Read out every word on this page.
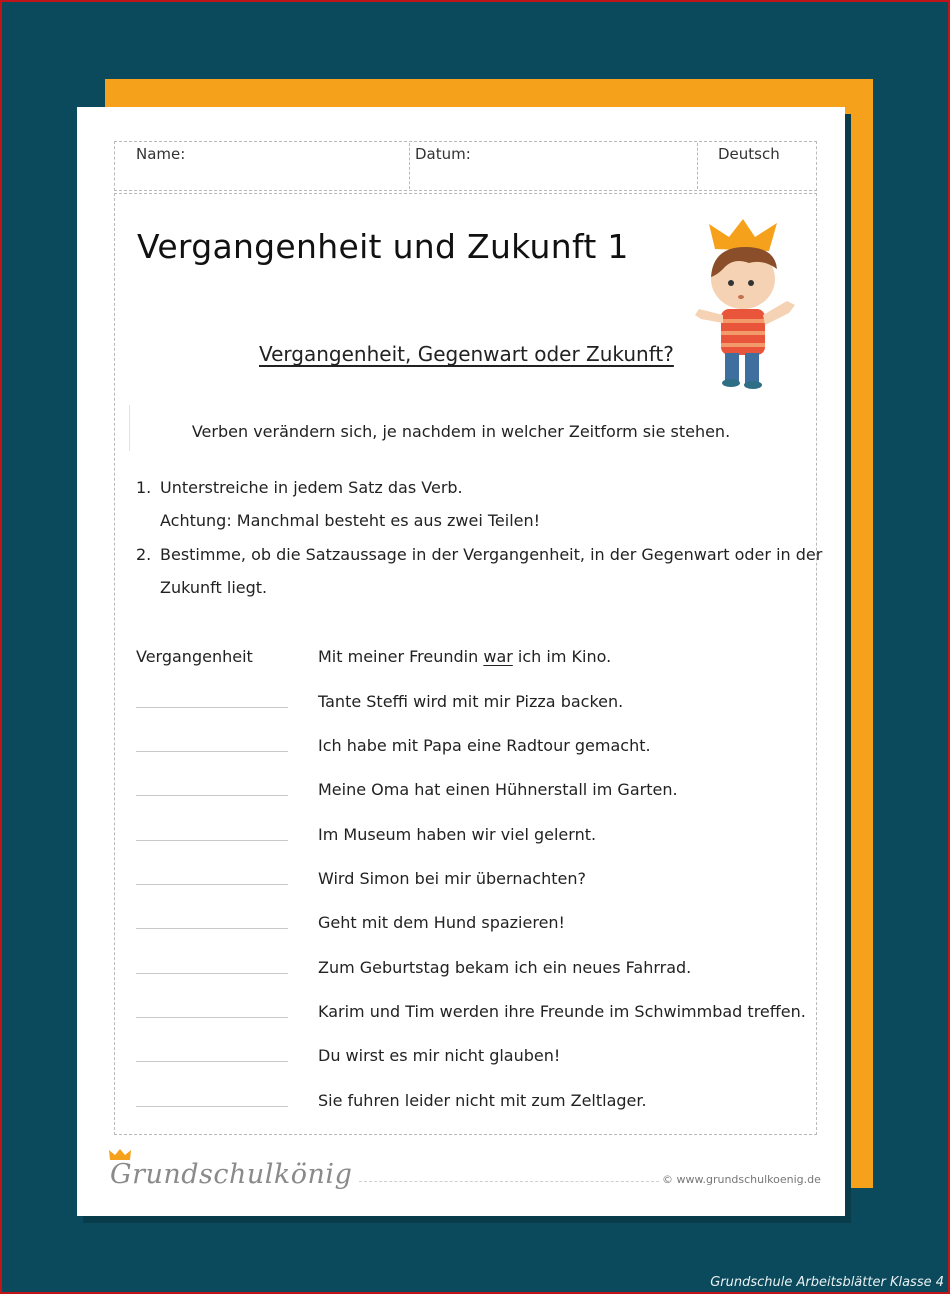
Name:	Datum:	Deutsch
Vergangenheit und Zukunft 1
Vergangenheit, Gegenwart oder Zukunft?
Verben verändern sich, je nachdem in welcher Zeitform sie stehen.
1. Unterstreiche in jedem Satz das Verb.
Achtung: Manchmal besteht es aus zwei Teilen!
2. Bestimme, ob die Satzaussage in der Vergangenheit, in der Gegenwart oder in der
Zukunft liegt.
Vergangenheit	Mit meiner Freundin war ich im Kino.
Tante Steffi wird mit mir Pizza backen.
Ich habe mit Papa eine Radtour gemacht.
Meine Oma hat einen Hühnerstall im Garten.
Im Museum haben wir viel gelernt.
Wird Simon bei mir übernachten?
Geht mit dem Hund spazieren!
Zum Geburtstag bekam ich ein neues Fahrrad.
Karim und Tim werden ihre Freunde im Schwimmbad treffen.
Du wirst es mir nicht glauben!
Sie fuhren leider nicht mit zum Zeltlager.
Grundschulkönig	© www.grundschulkoenig.de
Grundschule Arbeitsblätter Klasse 4
